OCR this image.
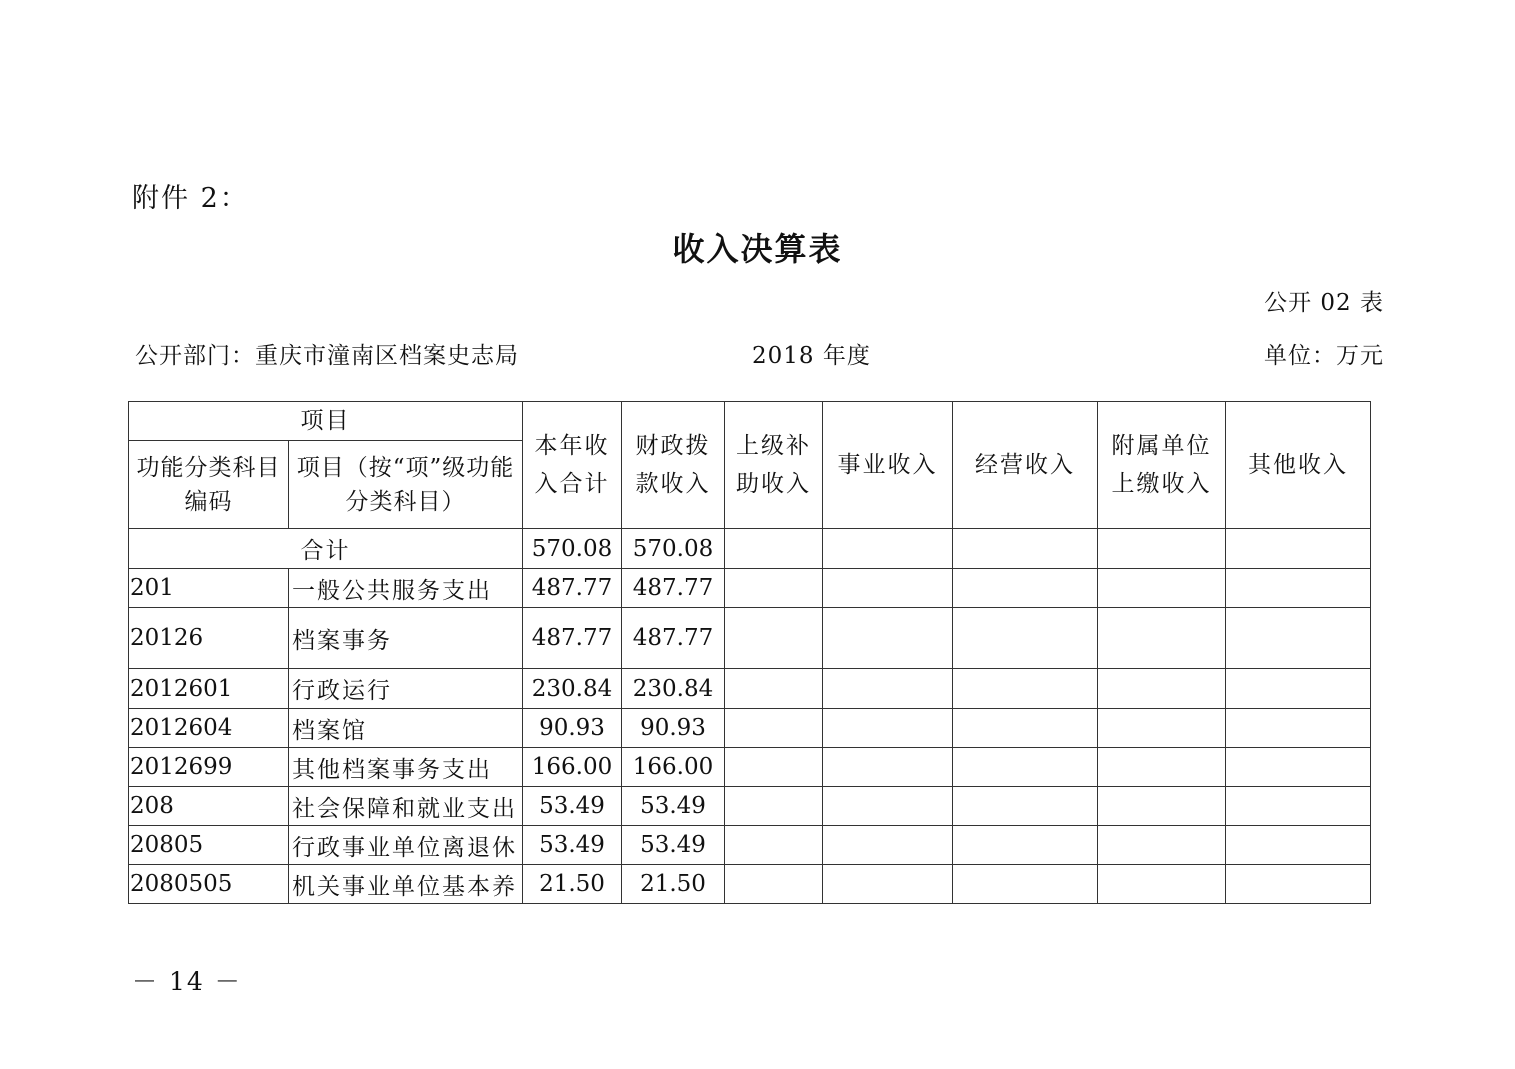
附件 2：
收入决算表
公开 02 表
公开部门：重庆市潼南区档案史志局	2018 年度	单位：万元
项目		本年收入合计	财政拨款收入	上级补助收入	事业收入	经营收入	附属单位上缴收入	其他收入
功能分类科目编码	项目（按“项”级功能分类科目）							
合计		570.08	570.08					
201	一般公共服务支出	487.77	487.77					
20126	档案事务	487.77	487.77					
2012601	行政运行	230.84	230.84					
2012604	档案馆	90.93	90.93					
2012699	其他档案事务支出	166.00	166.00					
208	社会保障和就业支出	53.49	53.49					
20805	行政事业单位离退休	53.49	53.49					
2080505	机关事业单位基本养	21.50	21.50					
－ 14 －
